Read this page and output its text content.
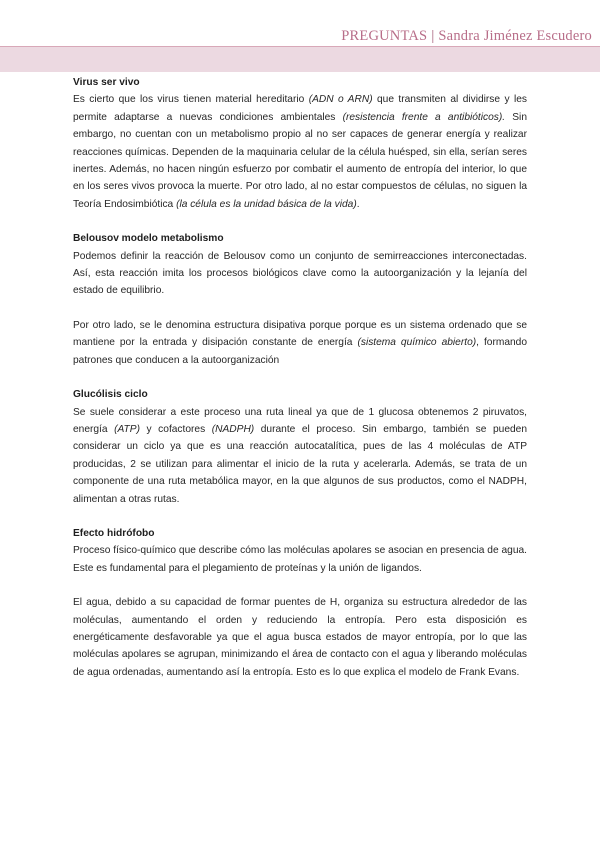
PREGUNTAS | Sandra Jiménez Escudero

Virus ser vivo

Es cierto que los virus tienen material hereditario (ADN o ARN) que transmiten al dividirse y les permite adaptarse a nuevas condiciones ambientales (resistencia frente a antibióticos). Sin embargo, no cuentan con un metabolismo propio al no ser capaces de generar energía y realizar reacciones químicas. Dependen de la maquinaria celular de la célula huésped, sin ella, serían seres inertes. Además, no hacen ningún esfuerzo por combatir el aumento de entropía del interior, lo que en los seres vivos provoca la muerte. Por otro lado, al no estar compuestos de células, no siguen la Teoría Endosimbiótica (la célula es la unidad básica de la vida).

Belousov modelo metabolismo

Podemos definir la reacción de Belousov como un conjunto de semirreacciones interconectadas. Así, esta reacción imita los procesos biológicos clave como la autoorganización y la lejanía del estado de equilibrio.

Por otro lado, se le denomina estructura disipativa porque porque es un sistema ordenado que se mantiene por la entrada y disipación constante de energía (sistema químico abierto), formando patrones que conducen a la autoorganización

Glucólisis ciclo

Se suele considerar a este proceso una ruta lineal ya que de 1 glucosa obtenemos 2 piruvatos, energía (ATP) y cofactores (NADPH) durante el proceso. Sin embargo, también se pueden considerar un ciclo ya que es una reacción autocatalítica, pues de las 4 moléculas de ATP producidas, 2 se utilizan para alimentar el inicio de la ruta y acelerarla. Además, se trata de un componente de una ruta metabólica mayor, en la que algunos de sus productos, como el NADPH, alimentan a otras rutas.

Efecto hidrófobo

Proceso físico-químico que describe cómo las moléculas apolares se asocian en presencia de agua. Este es fundamental para el plegamiento de proteínas y la unión de ligandos.

El agua, debido a su capacidad de formar puentes de H, organiza su estructura alrededor de las moléculas, aumentando el orden y reduciendo la entropía. Pero esta disposición es energéticamente desfavorable ya que el agua busca estados de mayor entropía, por lo que las moléculas apolares se agrupan, minimizando el área de contacto con el agua y liberando moléculas de agua ordenadas, aumentando así la entropía. Esto es lo que explica el modelo de Frank Evans.
